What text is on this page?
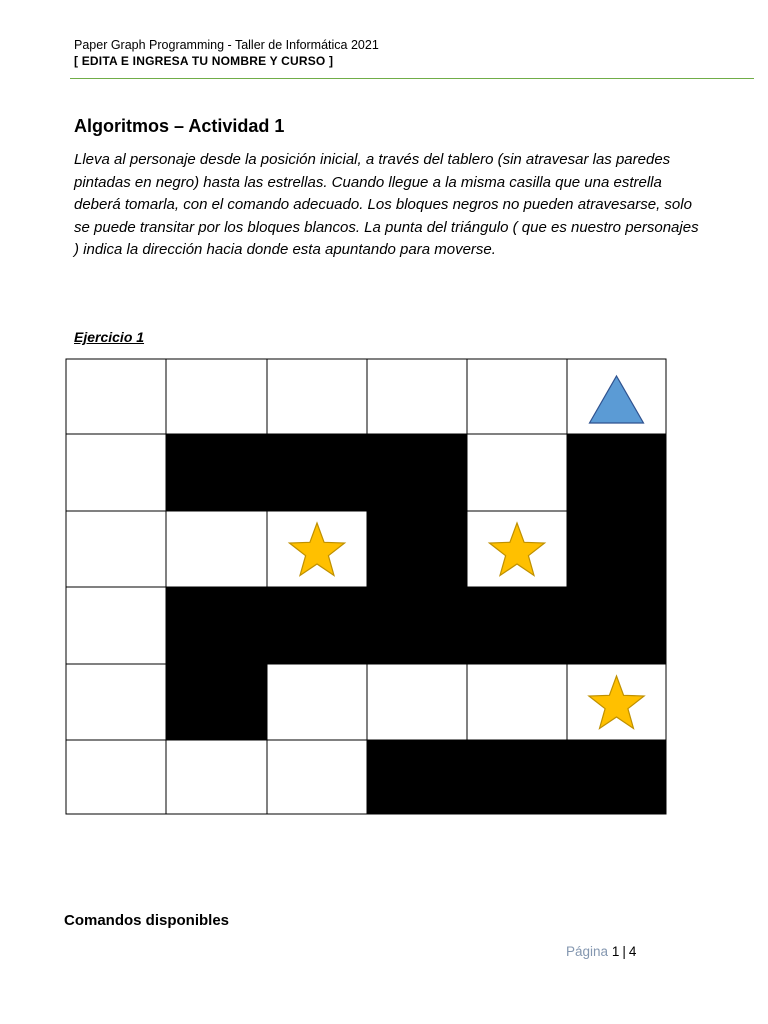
Paper Graph Programming - Taller de Informática 2021
[ EDITA E INGRESA TU NOMBRE Y CURSO ]
Algoritmos – Actividad 1
Lleva al personaje desde la posición inicial, a través del tablero (sin atravesar las paredes pintadas en negro) hasta las estrellas. Cuando llegue a la misma casilla que una estrella deberá tomarla, con el comando adecuado. Los bloques negros no pueden atravesarse, solo se puede transitar por los bloques blancos. La punta del triángulo ( que es nuestro personajes ) indica la dirección hacia donde esta apuntando para moverse.
Ejercicio 1
Comandos disponibles
Página 1 | 4
